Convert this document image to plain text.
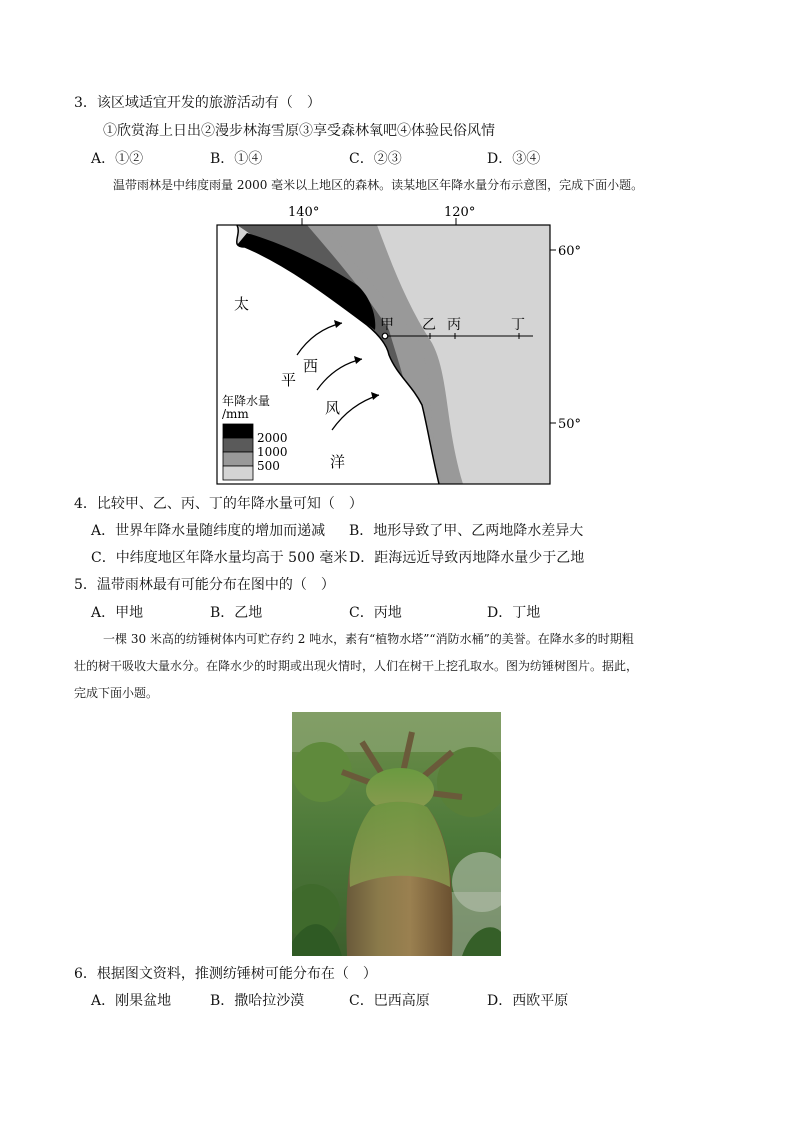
3．该区域适宜开发的旅游活动有（　）
①欣赏海上日出②漫步林海雪原③享受森林氧吧④体验民俗风情
A．①②	B．①④	C．②③	D．③④
温带雨林是中纬度雨量 2000 毫米以上地区的森林。读某地区年降水量分布示意图，完成下面小题。
140°	120°
60°
50°
甲 乙 丙	丁
太
平
洋
西
风
年降水量
/mm
2000
1000
500
4．比较甲、乙、丙、丁的年降水量可知（　）
A．世界年降水量随纬度的增加而递减 B．地形导致了甲、乙两地降水差异大
C．中纬度地区年降水量均高于 500 毫米 D．距海远近导致丙地降水量少于乙地
5．温带雨林最有可能分布在图中的（　）
A．甲地	B．乙地	C．丙地	D．丁地
一棵 30 米高的纺锤树体内可贮存约 2 吨水，素有“植物水塔”“消防水桶”的美誉。在降水多的时期粗
壮的树干吸收大量水分。在降水少的时期或出现火情时，人们在树干上挖孔取水。图为纺锤树图片。据此，
完成下面小题。
6．根据图文资料，推测纺锤树可能分布在（　）
A．刚果盆地	B．撒哈拉沙漠	C．巴西高原	D．西欧平原
